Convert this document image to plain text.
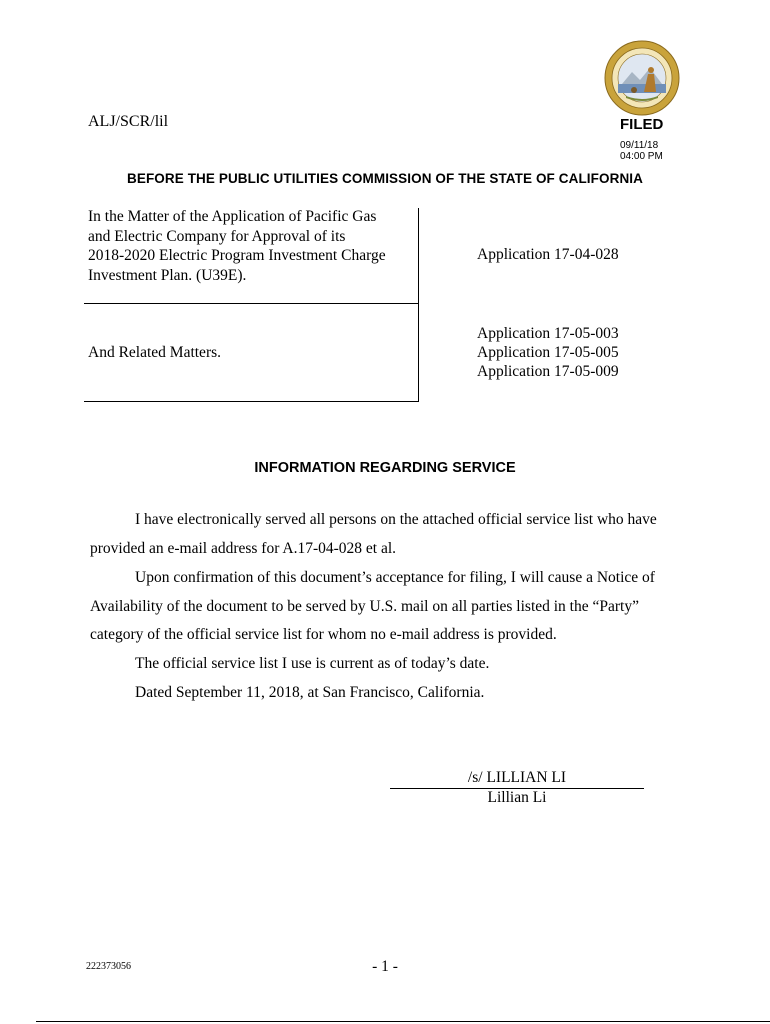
ALJ/SCR/lil	FILED
09/11/18
04:00 PM
BEFORE THE PUBLIC UTILITIES COMMISSION OF THE STATE OF CALIFORNIA
In the Matter of the Application of Pacific Gas
and Electric Company for Approval of its
2018-2020 Electric Program Investment Charge
Investment Plan. (U39E).
Application 17-04-028
And Related Matters.
Application 17-05-003
Application 17-05-005
Application 17-05-009
INFORMATION REGARDING SERVICE
I have electronically served all persons on the attached official service list who have provided an e-mail address for A.17-04-028 et al.
Upon confirmation of this document’s acceptance for filing, I will cause a Notice of Availability of the document to be served by U.S. mail on all parties listed in the “Party” category of the official service list for whom no e-mail address is provided.
The official service list I use is current as of today’s date.
Dated September 11, 2018, at San Francisco, California.
/s/ LILLIAN LI
Lillian Li
222373056	- 1 -
